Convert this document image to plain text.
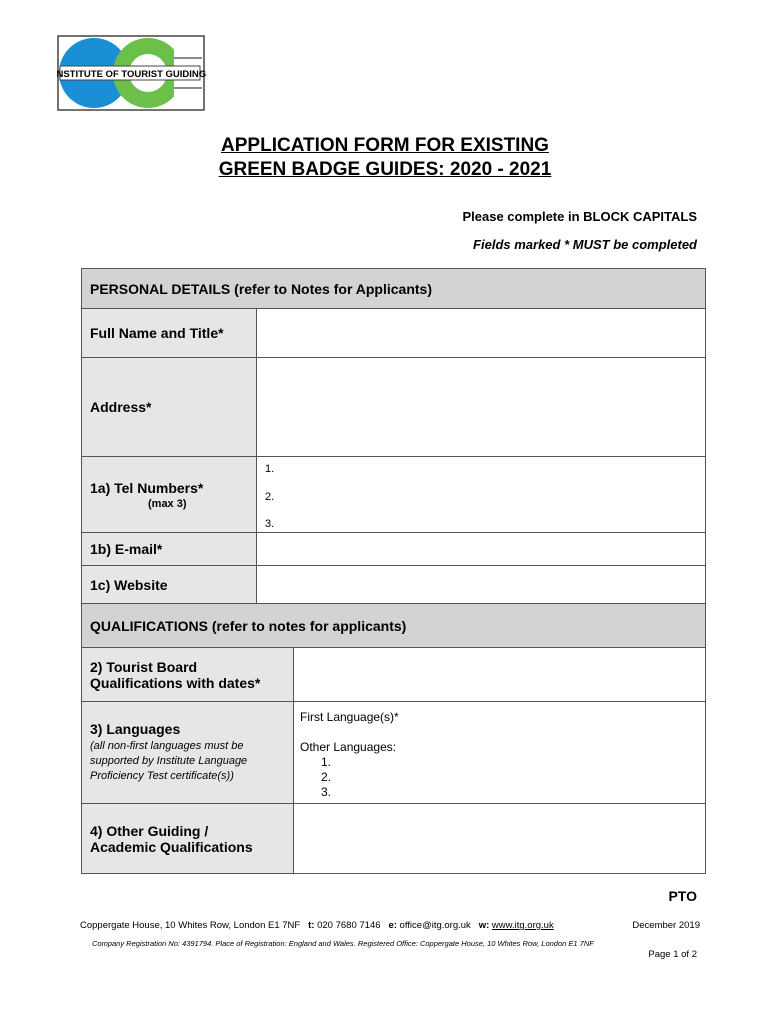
INSTITUTE OF TOURIST GUIDING
APPLICATION FORM FOR EXISTING
GREEN BADGE GUIDES: 2020 - 2021
Please complete in BLOCK CAPITALS
Fields marked * MUST be completed
PERSONAL DETAILS (refer to Notes for Applicants)
Full Name and Title*
Address*
1a) Tel Numbers*
(max 3)
1.
2.
3.
1b) E-mail*
1c) Website
QUALIFICATIONS (refer to notes for applicants)
2) Tourist Board
Qualifications with dates*
3) Languages
(all non-first languages must be supported by Institute Language Proficiency Test certificate(s))
First Language(s)*
Other Languages:
1.
2.
3.
4) Other Guiding /
Academic Qualifications
PTO
Coppergate House, 10 Whites Row, London E1 7NF t: 020 7680 7146 e: office@itg.org.uk w: www.itg.org.uk	December 2019
Company Registration No: 4391794. Place of Registration: England and Wales. Registered Office: Coppergate House, 10 Whites Row, London E1 7NF
Page 1 of 2
